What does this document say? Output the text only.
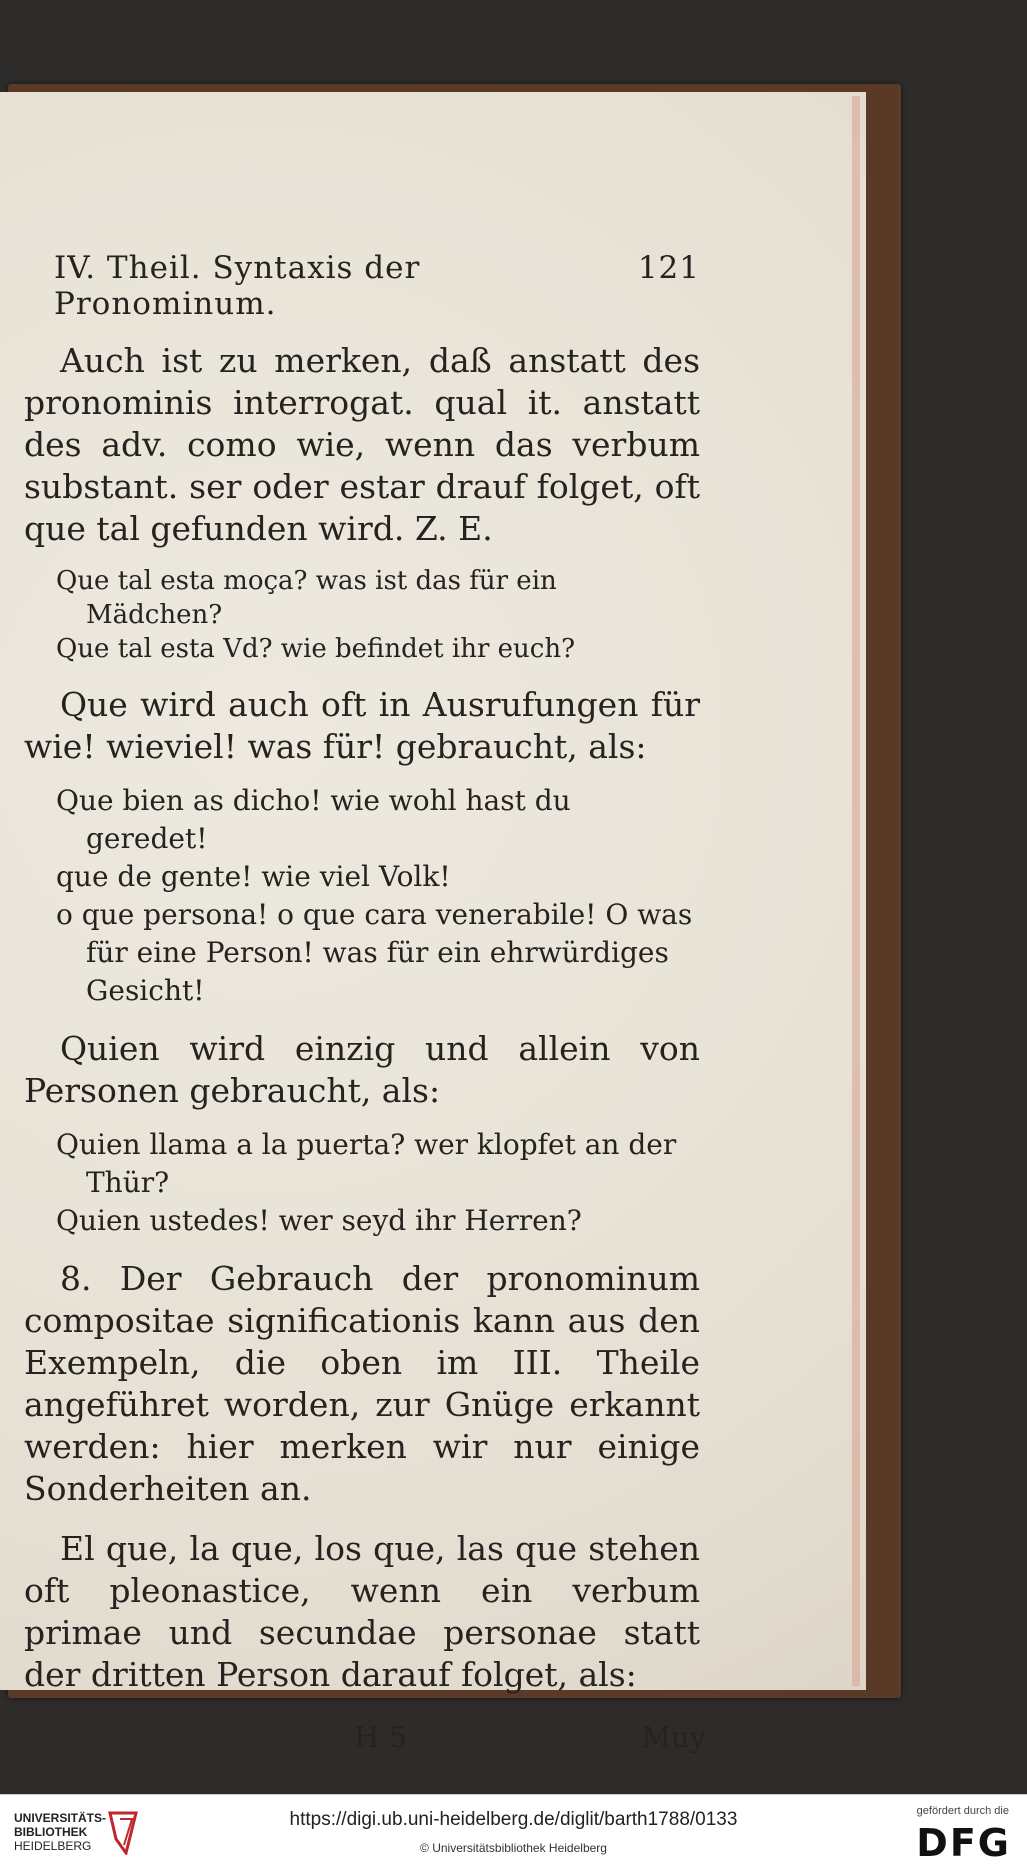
IV. Theil. Syntaxis der Pronominum.
121

Auch ist zu merken, daß anstatt des pronominis interrogat. qual it. anstatt des adv. como wie, wenn das verbum substant. ser oder estar drauf folget, oft que tal gefunden wird. Z. E.

Que tal esta moça? was ist das für ein Mädchen?
Que tal esta Vd? wie befindet ihr euch?

Que wird auch oft in Ausrufungen für wie! wieviel! was für! gebraucht, als:

Que bien as dicho! wie wohl hast du geredet!
que de gente! wie viel Volk!
o que persona! o que cara venerabile! O was für eine Person! was für ein ehrwürdiges Gesicht!

Quien wird einzig und allein von Personen gebraucht, als:

Quien llama a la puerta? wer klopfet an der Thür?
Quien ustedes! wer seyd ihr Herren?

8. Der Gebrauch der pronominum compositae significationis kann aus den Exempeln, die oben im III. Theile angeführet worden, zur Gnüge erkannt werden: hier merken wir nur einige Sonderheiten an.

El que, la que, los que, las que stehen oft pleonastice, wenn ein verbum primae und secundae personae statt der dritten Person darauf folget, als:

H 5	Muy
UNIVERSITÄTS-
BIBLIOTHEK
HEIDELBERG
https://digi.ub.uni-heidelberg.de/diglit/barth1788/0133
© Universitätsbibliothek Heidelberg
gefördert durch die
DFG
